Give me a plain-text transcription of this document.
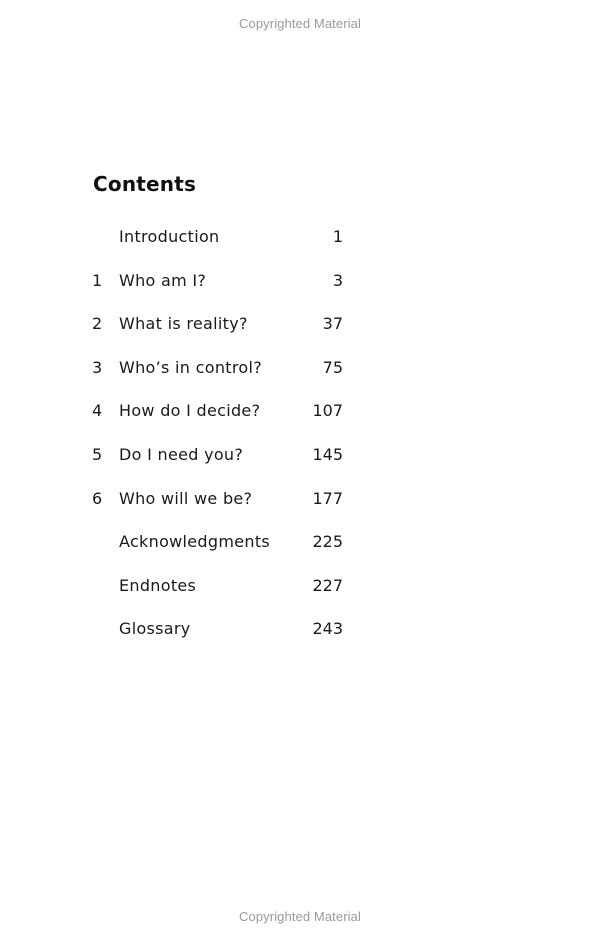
Copyrighted Material
Contents
Introduction	1
1	Who am I?	3
2	What is reality?	37
3	Who’s in control?	75
4	How do I decide?	107
5	Do I need you?	145
6	Who will we be?	177
Acknowledgments	225
Endnotes	227
Glossary	243
Copyrighted Material
